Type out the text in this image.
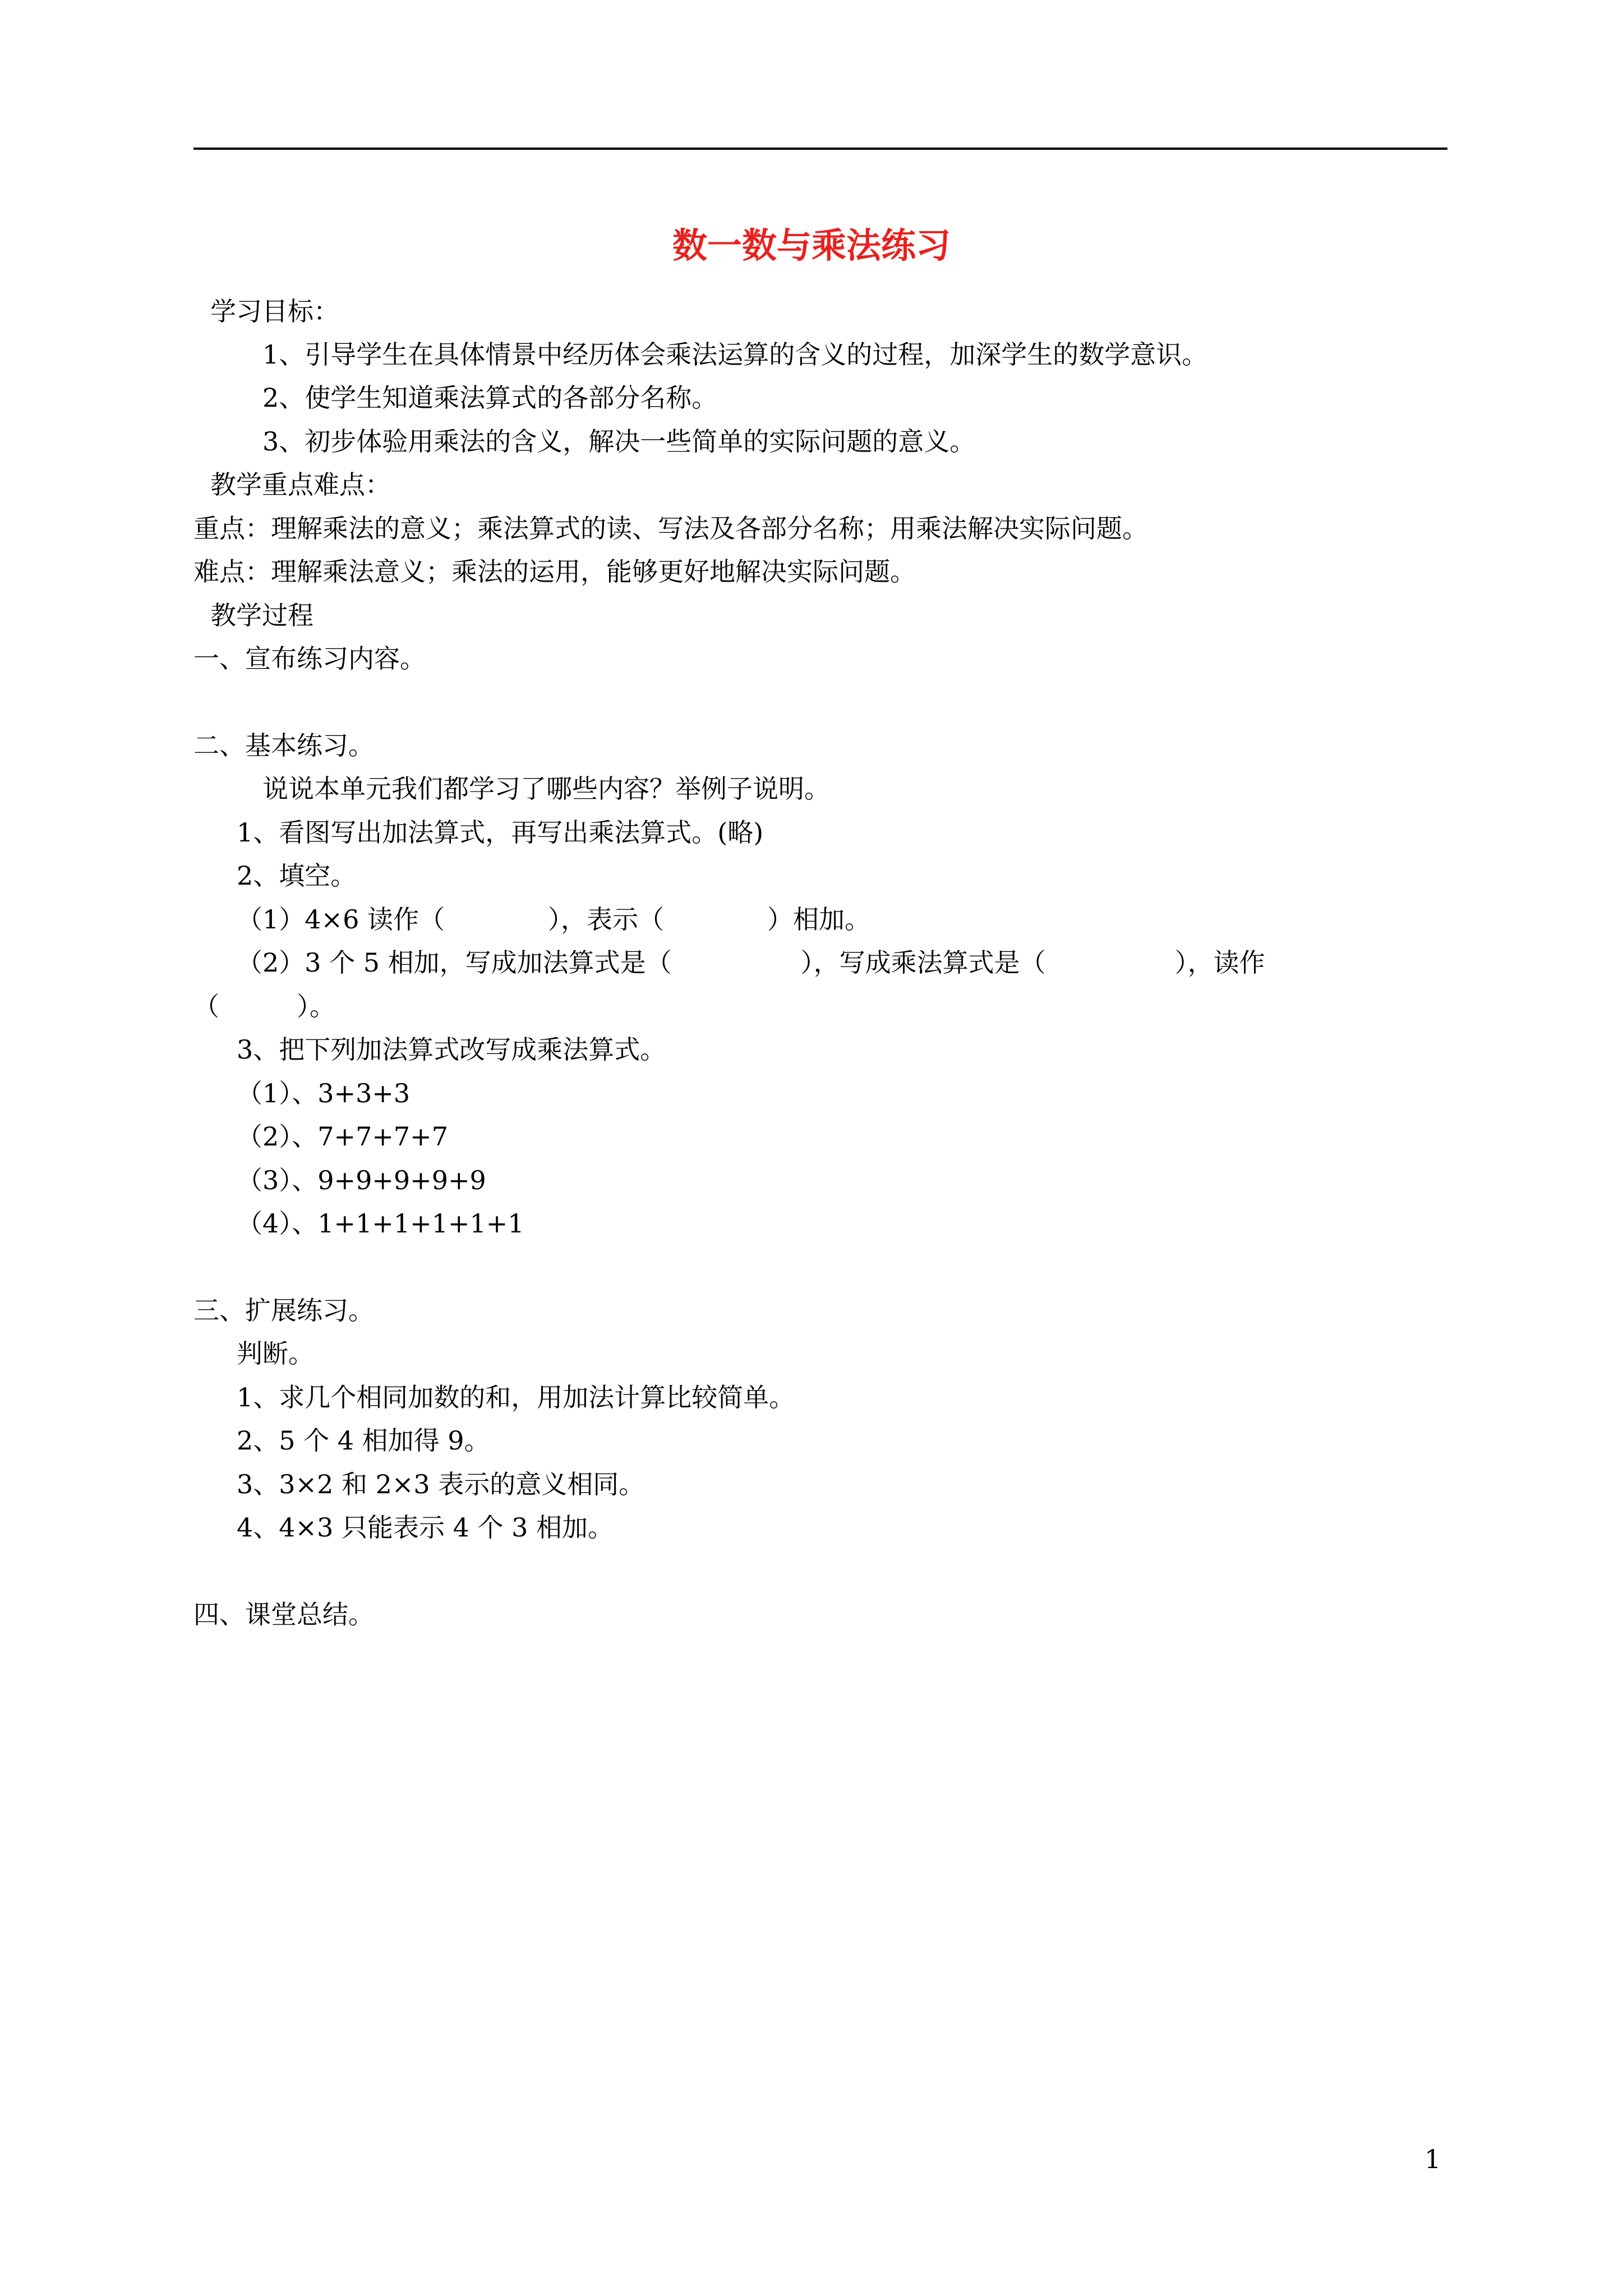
数一数与乘法练习
学习目标：
1、引导学生在具体情景中经历体会乘法运算的含义的过程，加深学生的数学意识。
2、使学生知道乘法算式的各部分名称。
3、初步体验用乘法的含义，解决一些简单的实际问题的意义。
教学重点难点：
重点：理解乘法的意义；乘法算式的读、写法及各部分名称；用乘法解决实际问题。
难点：理解乘法意义；乘法的运用，能够更好地解决实际问题。
教学过程
一、宣布练习内容。
二、基本练习。
说说本单元我们都学习了哪些内容？举例子说明。
1、看图写出加法算式，再写出乘法算式。(略)
2、填空。
（1）4×6 读作（　　　　），表示（　　　　）相加。
（2）3 个 5 相加，写成加法算式是（　　　　　），写成乘法算式是（　　　　　），读作
（　　　）。
3、把下列加法算式改写成乘法算式。
（1）、3+3+3
（2）、7+7+7+7
（3）、9+9+9+9+9
（4）、1+1+1+1+1+1
三、扩展练习。
判断。
1、求几个相同加数的和，用加法计算比较简单。
2、5 个 4 相加得 9。
3、3×2 和 2×3 表示的意义相同。
4、4×3 只能表示 4 个 3 相加。
四、课堂总结。
1
